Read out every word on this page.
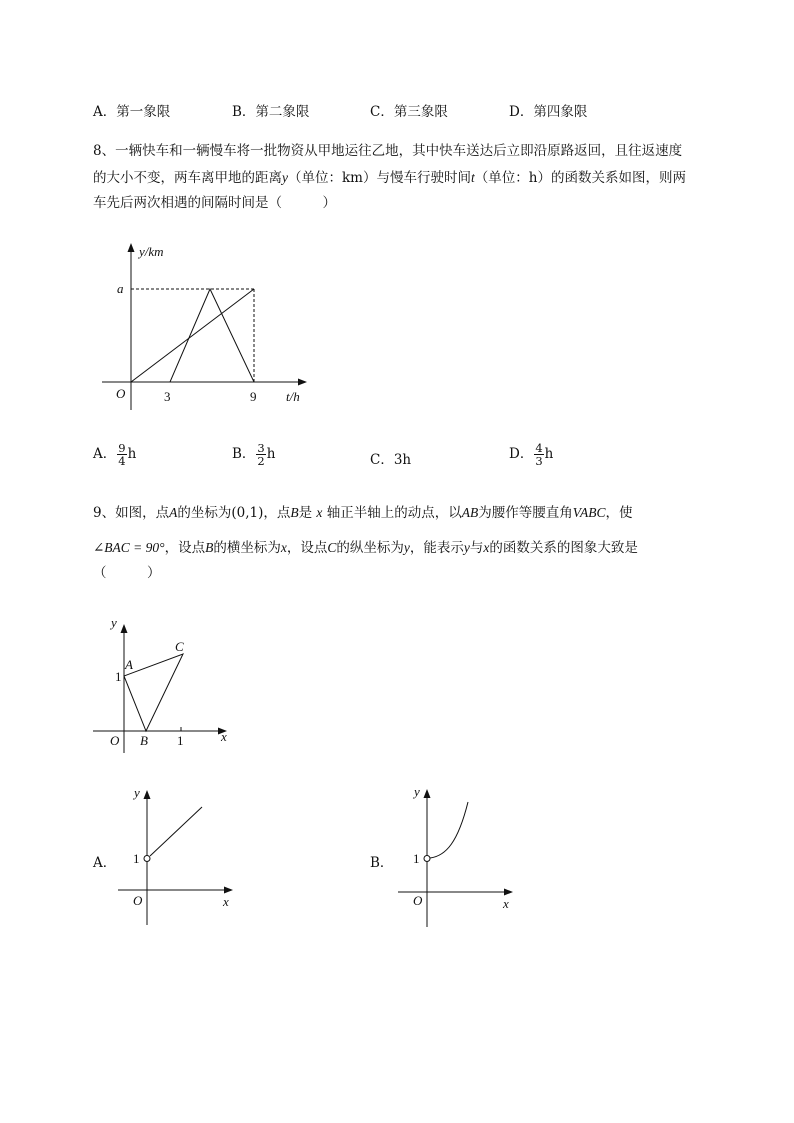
A．第一象限	B．第二象限	C．第三象限	D．第四象限
8、一辆快车和一辆慢车将一批物资从甲地运往乙地，其中快车送达后立即沿原路返回，且往返速度
的大小不变，两车离甲地的距离y（单位：km）与慢车行驶时间t（单位：h）的函数关系如图，则两
车先后两次相遇的间隔时间是（　　　）
y/km
a
O	3	9 t/h
A． $\frac{9}{4}$ h	B． $\frac{3}{2}$ h	C．3h	D． $\frac{4}{3}$ h
9、如图，点A的坐标为(0,1)，点B是 x 轴正半轴上的动点，以AB为腰作等腰直角VABC，使
∠BAC = 90°，设点B的横坐标为x，设点C的纵坐标为y，能表示y与x的函数关系的图象大致是
（　　　）
y
A
C
1
O B 1	x
A．
y
1
O	x
B．
y
1
O	x
